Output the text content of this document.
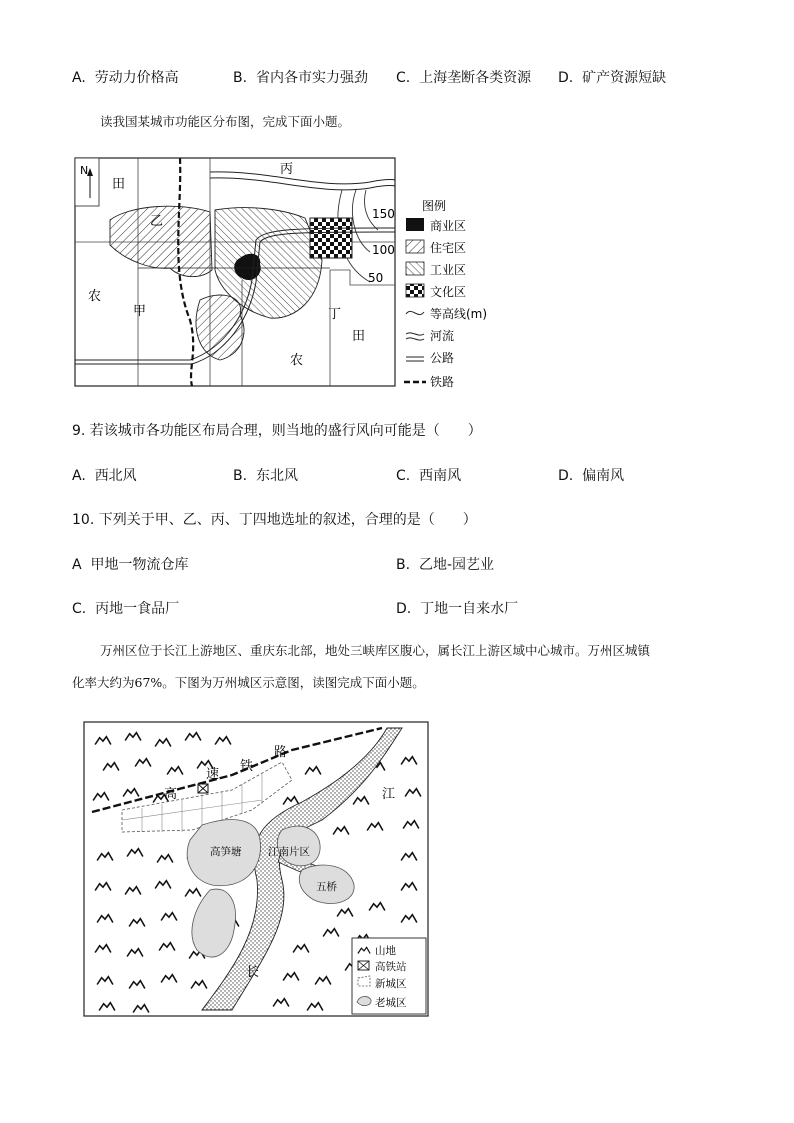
A. 劳动力价格高	B. 省内各市实力强劲 C. 上海垄断各类资源 D. 矿产资源短缺
读我国某城市功能区分布图，完成下面小题。
N
150
100
50
田
乙
丙
农
甲	丁
田
农
图例
商业区
住宅区
工业区
文化区
等高线(m)
河流
公路
铁路
9. 若该城市各功能区布局合理，则当地的盛行风向可能是（　　）
A. 西北风	B. 东北风	C. 西南风	D. 偏南风
10. 下列关于甲、乙、丙、丁四地选址的叙述，合理的是（　　）
A 甲地一物流仓库	B. 乙地-园艺业
C. 丙地一食品厂	D. 丁地一自来水厂
万州区位于长江上游地区、重庆东北部，地处三峡库区腹心，属长江上游区域中心城市。万州区城镇
化率大约为67%。下图为万州城区示意图，读图完成下面小题。
高
速
铁
路
江
长
高笋塘	江南片区
五桥
山地
高铁站
新城区
老城区
